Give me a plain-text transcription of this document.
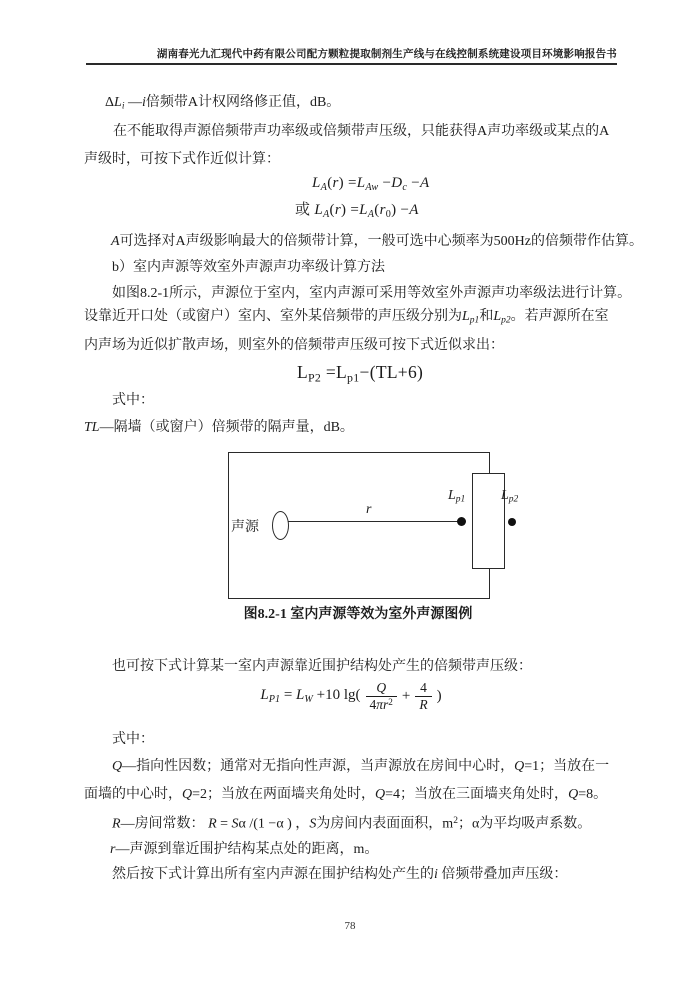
湖南春光九汇现代中药有限公司配方颗粒提取制剂生产线与在线控制系统建设项目环境影响报告书
$\Delta L_i$ —i倍频带A计权网络修正值，dB。
在不能取得声源倍频带声功率级或倍频带声压级，只能获得A声功率级或某点的A
声级时，可按下式作近似计算：
$L_A(r) =L_{Aw} -D_c -A$
或 $L_A(r) =L_A(r_0) -A$
A可选择对A声级影响最大的倍频带计算，一般可选中心频率为500Hz的倍频带作估算。
b）室内声源等效室外声源声功率级计算方法
如图8.2-1所示，声源位于室内，室内声源可采用等效室外声源声功率级法进行计算。
设靠近开口处（或窗户）室内、室外某倍频带的声压级分别为$L_{p1}$和$L_{p2}$。若声源所在室
内声场为近似扩散声场，则室外的倍频带声压级可按下式近似求出：
$L_{P2} =L_{p1}-(TL+6)$
式中：
TL—隔墙（或窗户）倍频带的隔声量，dB。
声源
r
$L_{p1}$	$L_{p2}$
图8.2-1 室内声源等效为室外声源图例
也可按下式计算某一室内声源靠近围护结构处产生的倍频带声压级：
$L_{P1} = L_W +10$ $\lg( \frac{Q}{4\pi r^2} + \frac{4}{R}$ )
式中：
Q—指向性因数；通常对无指向性声源，当声源放在房间中心时，Q=1；当放在一
面墙的中心时，Q=2；当放在两面墙夹角处时，Q=4；当放在三面墙夹角处时，Q=8。
R—房间常数： R = Sα /(1 −α ) ，S为房间内表面面积，$m^2$；α为平均吸声系数。
r—声源到靠近围护结构某点处的距离，m。
然后按下式计算出所有室内声源在围护结构处产生的i 倍频带叠加声压级：
78
